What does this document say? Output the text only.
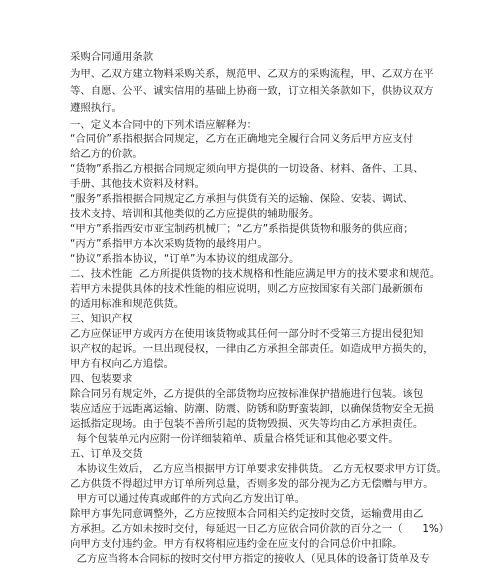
采购合同通用条款
为甲、乙双方建立物料采购关系，规范甲、乙双方的采购流程，甲、乙双方在平
等、自愿、公平、诚实信用的基础上协商一致，订立相关条款如下，供协议双方
遵照执行。
一、定义本合同中的下列术语应解释为：
“合同价”系指根据合同规定，乙方在正确地完全履行合同义务后甲方应支付
给乙方的价款。
“货物”系指乙方根据合同规定须向甲方提供的一切设备、材料、备件、工具、
手册、其他技术资料及材料。
“服务”系指根据合同规定乙方承担与供货有关的运输、保险、安装、调试、
技术支持、培训和其他类似的乙方应提供的辅助服务。
“甲方”系指西安市亚宝制药机械厂；“乙方”系指提供货物和服务的供应商；
“丙方”系指甲方本次采购货物的最终用户。
“协议”系指本协议，“订单”为本协议的组成部分。
二、技术性能  乙方所提供货物的技术规格和性能应满足甲方的技术要求和规范。
若甲方未提供具体的技术性能的相应说明，则乙方应按国家有关部门最新颁布
的适用标准和规范供货。
三、知识产权
乙方应保证甲方或丙方在使用该货物或其任何一部分时不受第三方提出侵犯知
识产权的起诉。一旦出现侵权，一律由乙方承担全部责任。如造成甲方损失的，
甲方有权向乙方追偿。
四、包装要求
除合同另有规定外，乙方提供的全部货物均应按标准保护措施进行包装。该包
装应适应于远距离运输、防潮、防震、防锈和防野蛮装卸，以确保货物安全无损
运抵指定现场。由于包装不善所引起的货物毁损、灭失等均由乙方承担责任。
每个包装单元内应附一份详细装箱单、质量合格凭证和其他必要文件。
五、订单及交货
本协议生效后， 乙方应当根据甲方订单要求安排供货。 乙方无权要求甲方订货。
乙方供货不得超过甲方订单所列总量，否则多发的部分视为乙方无偿赠与甲方。
甲方可以通过传真或邮件的方式向乙方发出订单。
除甲方事先同意调整外，乙方应按照本合同相关约定按时交货，运输费用由乙
方承担。乙方如未按时交付，每延迟一日乙方应依合同价款的百分之一（      1%）
向甲方支付违约金。甲方有权将相应违约金在应支付的合同总价中扣除。
乙方应当将本合同标的按时交付甲方指定的接收人（见具体的设备订货单及专
